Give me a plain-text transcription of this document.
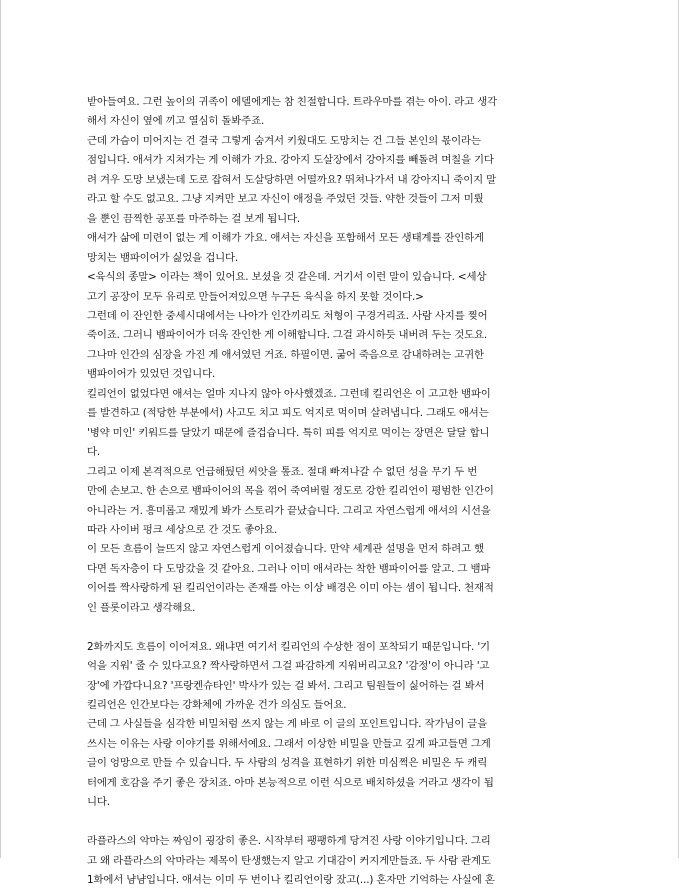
받아들여요. 그런 높이의 귀족이 에델에게는 참 친절합니다. 트라우마를 겪는 아이. 라고 생각

해서 자신이 옆에 끼고 열심히 돌봐주죠.

근데 가슴이 미어지는 건 결국 그렇게 숨겨서 키웠대도 도망치는 건 그들 본인의 몫이라는

점입니다. 애셔가 지쳐가는 게 이해가 가요. 강아지 도살장에서 강아지를 빼돌려 며칠을 기다

려 겨우 도망 보냈는데 도로 잡혀서 도살당하면 어떨까요? 뛰쳐나가서 내 강아지니 죽이지 말

라고 할 수도 없고요. 그냥 지켜만 보고 자신이 애정을 주었던 것들. 약한 것들이 그저 미뤘

을 뿐인 끔찍한 공포를 마주하는 걸 보게 됩니다.

애셔가 삶에 미련이 없는 게 이해가 가요. 애셔는 자신을 포함해서 모든 생태계를 잔인하게

망치는 뱀파이어가 싫었을 겁니다.

<육식의 종말> 이라는 책이 있어요. 보셨을 것 같은데. 거기서 이런 말이 있습니다. <세상

고기 공장이 모두 유리로 만들어져있으면 누구든 육식을 하지 못할 것이다.>

그런데 이 잔인한 중세시대에서는 나아가 인간끼리도 처형이 구경거리죠. 사람 사지를 찢어

죽이죠. 그러니 뱀파이어가 더욱 잔인한 게 이해합니다. 그걸 과시하듯 내버려 두는 것도요.

그나마 인간의 심장을 가진 게 애셔였던 거죠. 하필이면. 굶어 죽음으로 감내하려는 고귀한

뱀파이어가 있었던 것입니다.

킬리언이 없었다면 애셔는 얼마 지나지 않아 아사했겠죠. 그런데 킬리언은 이 고고한 뱀파이

를 발견하고 (적당한 부분에서) 사고도 치고 피도 억지로 먹이며 살려냅니다. 그래도 애셔는

'병약 미인' 키워드를 달았기 때문에 즐겁습니다. 특히 피를 억지로 먹이는 장면은 달달 합니

다.

그리고 이제 본격적으로 언급해뒀던 씨앗을 톺죠. 절대 빠져나갈 수 없던 성을 무기 두 번

만에 손보고. 한 손으로 뱀파이어의 목을 꺾어 죽여버릴 정도로 강한 킬리언이 평범한 인간이

아니라는 거. 흥미롭고 재밌게 봐가 스토리가 끝났습니다. 그리고 자연스럽게 애셔의 시선을

따라 사이버 펑크 세상으로 간 것도 좋아요.

이 모든 흐름이 늘뜨지 않고 자연스럽게 이어졌습니다. 만약 세계관 설명을 먼저 하려고 했

다면 독자층이 다 도망갔을 것 같아요. 그러나 이미 애셔라는 착한 뱀파이어를 알고. 그 뱀파

이어를 짝사랑하게 된 킬리언이라는 존재를 아는 이상 배경은 이미 아는 셈이 됩니다. 천재적

인 플롯이라고 생각해요.

2화까지도 흐름이 이어져요. 왜냐면 여기서 킬리언의 수상한 점이 포착되기 때문입니다. '기

억을 지워' 줄 수 있다고요? 짝사랑하면서 그걸 파감하게 지워버리고요? '감정'이 아니라 '고

장'에 가깝다니요? '프랑켄슈타인' 박사가 있는 걸 봐서. 그리고 팀원들이 싫어하는 걸 봐서

킬리언은 인간보다는 강화체에 가까운 건가 의심도 들어요.

근데 그 사실들을 심각한 비밀처럼 쓰지 않는 게 바로 이 글의 포인트입니다. 작가님이 글을

쓰시는 이유는 사랑 이야기를 위해서예요. 그래서 이상한 비밀을 만들고 깊게 파고들면 그게

글이 엉망으로 만들 수 있습니다. 두 사람의 성격을 표현하기 위한 미심쩍은 비밀은 두 캐릭

터에게 호감을 주기 좋은 장치죠. 아마 본능적으로 이런 식으로 배치하셨을 거라고 생각이 됩

니다.

라플라스의 악마는 짜임이 굉장히 좋은. 시작부터 팽팽하게 당겨진 사랑 이야기입니다. 그리

고 왜 라플라스의 악마라는 제목이 탄생했는지 알고 기대감이 커지게만들죠. 두 사람 관계도

1화에서 냠냠입니다. 애셔는 이미 두 번이나 킬리언이랑 잤고(...) 혼자만 기억하는 사실에 혼
